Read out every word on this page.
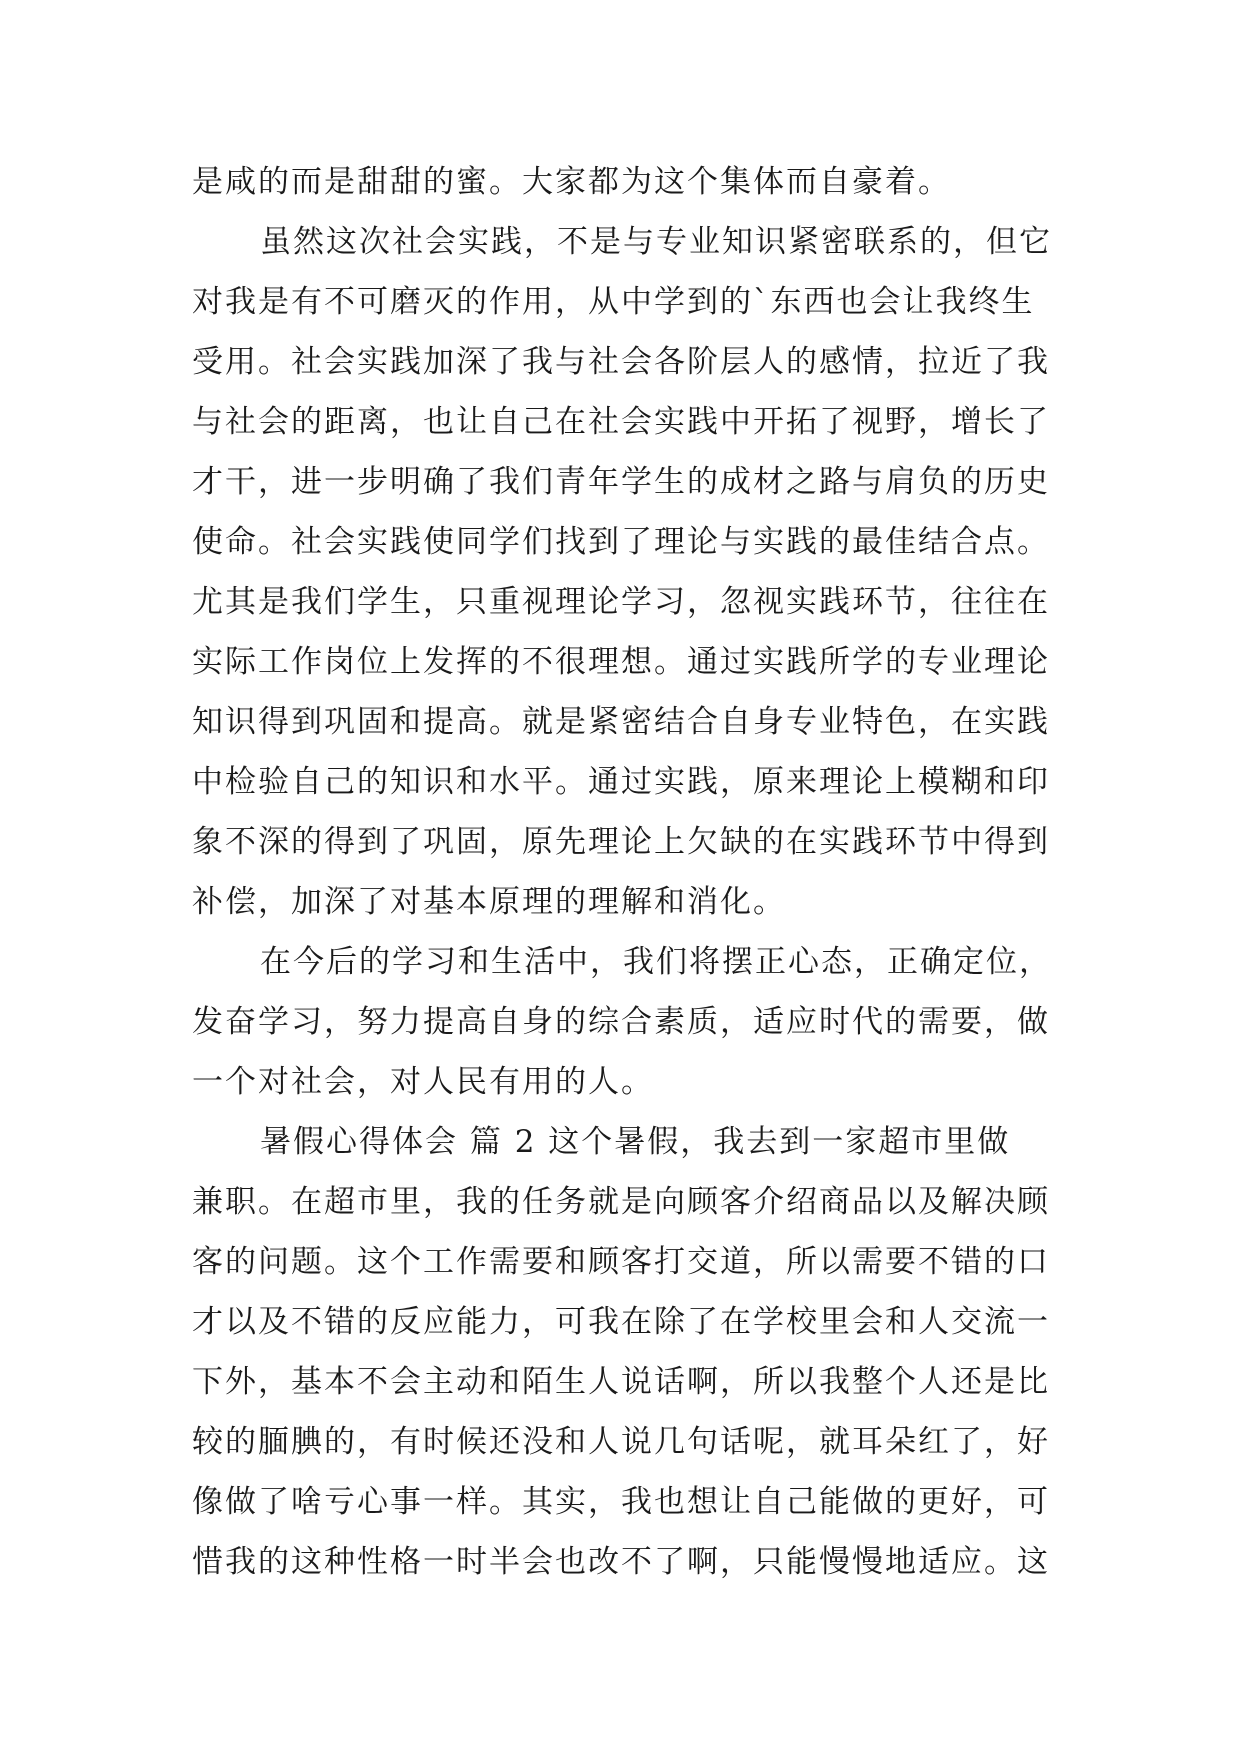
是咸的而是甜甜的蜜。大家都为这个集体而自豪着。
虽然这次社会实践，不是与专业知识紧密联系的，但它
对我是有不可磨灭的作用，从中学到的`东西也会让我终生
受用。社会实践加深了我与社会各阶层人的感情，拉近了我
与社会的距离，也让自己在社会实践中开拓了视野，增长了
才干，进一步明确了我们青年学生的成材之路与肩负的历史
使命。社会实践使同学们找到了理论与实践的最佳结合点。
尤其是我们学生，只重视理论学习，忽视实践环节，往往在
实际工作岗位上发挥的不很理想。通过实践所学的专业理论
知识得到巩固和提高。就是紧密结合自身专业特色，在实践
中检验自己的知识和水平。通过实践，原来理论上模糊和印
象不深的得到了巩固，原先理论上欠缺的在实践环节中得到
补偿，加深了对基本原理的理解和消化。
在今后的学习和生活中，我们将摆正心态，正确定位，
发奋学习，努力提高自身的综合素质，适应时代的需要，做
一个对社会，对人民有用的人。
暑假心得体会 篇 2 这个暑假，我去到一家超市里做
兼职。在超市里，我的任务就是向顾客介绍商品以及解决顾
客的问题。这个工作需要和顾客打交道，所以需要不错的口
才以及不错的反应能力，可我在除了在学校里会和人交流一
下外，基本不会主动和陌生人说话啊，所以我整个人还是比
较的腼腆的，有时候还没和人说几句话呢，就耳朵红了，好
像做了啥亏心事一样。其实，我也想让自己能做的更好，可
惜我的这种性格一时半会也改不了啊，只能慢慢地适应。这
